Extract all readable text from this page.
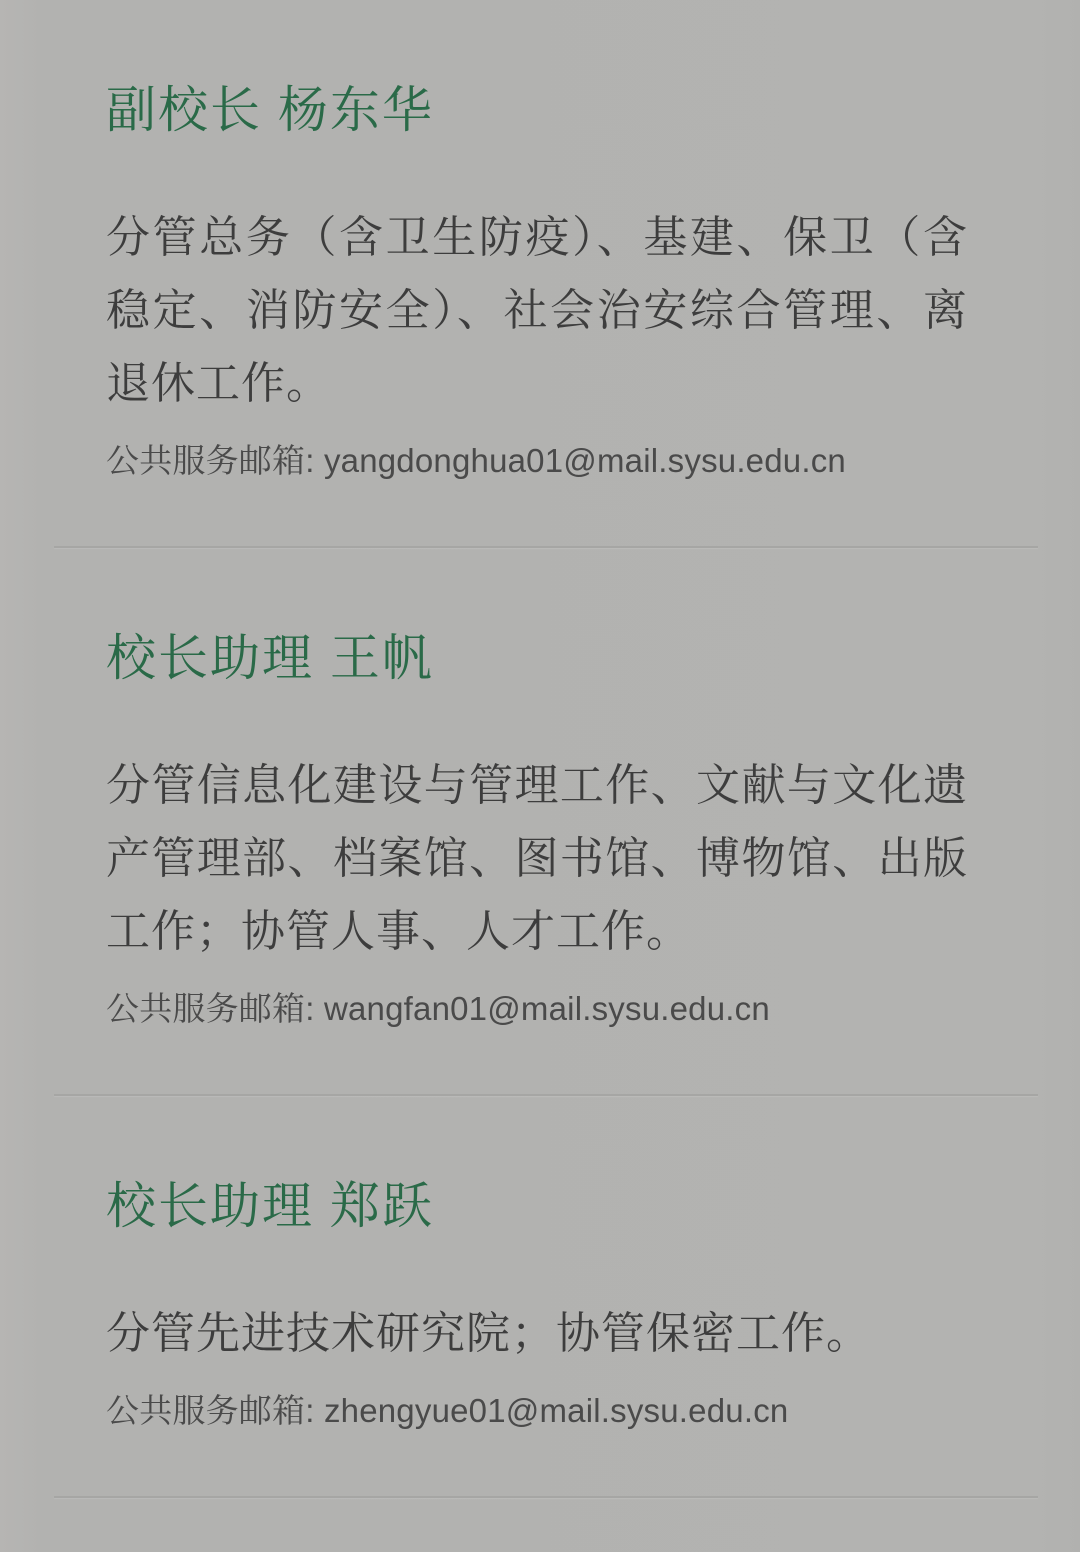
副校长 杨东华

分管总务（含卫生防疫）、基建、保卫（含稳定、消防安全）、社会治安综合管理、离退休工作。

公共服务邮箱: yangdonghua01@mail.sysu.edu.cn

校长助理 王帆

分管信息化建设与管理工作、文献与文化遗产管理部、档案馆、图书馆、博物馆、出版工作；协管人事、人才工作。

公共服务邮箱: wangfan01@mail.sysu.edu.cn

校长助理 郑跃

分管先进技术研究院；协管保密工作。

公共服务邮箱: zhengyue01@mail.sysu.edu.cn
